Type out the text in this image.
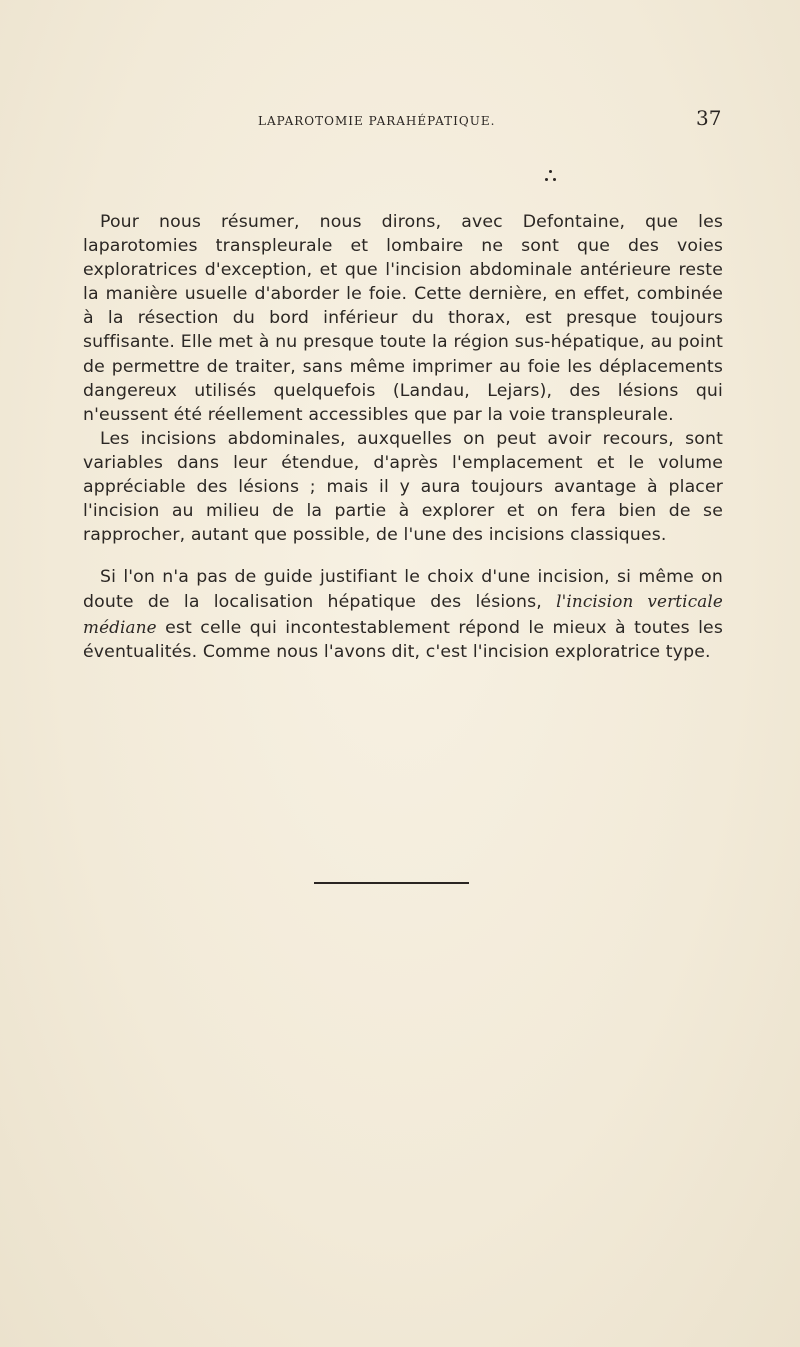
LAPAROTOMIE PARAHÉPATIQUE.	37

Pour nous résumer, nous dirons, avec Defontaine, que les laparotomies transpleurale et lombaire ne sont que des voies exploratrices d'exception, et que l'incision abdominale antérieure reste la manière usuelle d'aborder le foie. Cette dernière, en effet, combinée à la résection du bord inférieur du thorax, est presque toujours suffisante. Elle met à nu presque toute la région sus-hépatique, au point de permettre de traiter, sans même imprimer au foie les déplacements dangereux utilisés quelquefois (Landau, Lejars), des lésions qui n'eussent été réellement accessibles que par la voie transpleurale.

Les incisions abdominales, auxquelles on peut avoir recours, sont variables dans leur étendue, d'après l'emplacement et le volume appréciable des lésions ; mais il y aura toujours avantage à placer l'incision au milieu de la partie à explorer et on fera bien de se rapprocher, autant que possible, de l'une des incisions classiques.

Si l'on n'a pas de guide justifiant le choix d'une incision, si même on doute de la localisation hépatique des lésions, l'incision verticale médiane est celle qui incontestablement répond le mieux à toutes les éventualités. Comme nous l'avons dit, c'est l'incision exploratrice type.
